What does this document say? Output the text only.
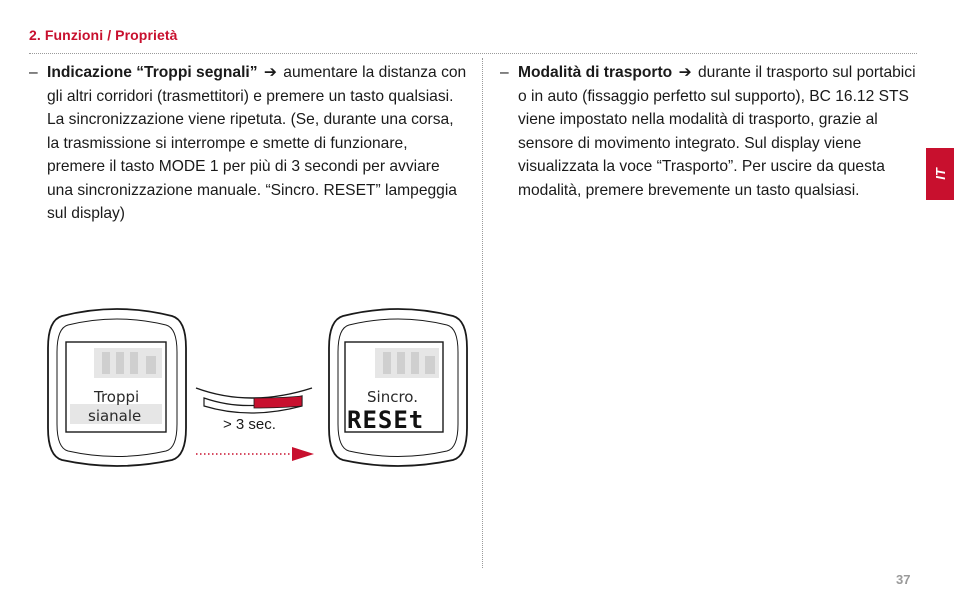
2. Funzioni / Proprietà
– Indicazione “Troppi segnali” ➔ aumentare la distanza con gli altri corridori (trasmettitori) e premere un tasto qualsiasi. La sincronizzazione viene ripetuta. (Se, durante una corsa, la trasmissione si interrompe e smette di funzionare, premere il tasto MODE 1 per più di 3 secondi per avviare una sincronizzazione manuale. “Sincro. RESET” lampeggia sul display)
– Modalità di trasporto ➔ durante il trasporto sul portabici o in auto (fissaggio perfetto sul supporto), BC 16.12 STS viene impostato nella modalità di trasporto, grazie al sensore di movimento integrato. Sul display viene visualizzata la voce “Trasporto”. Per uscire da questa modalità, premere brevemente un tasto qualsiasi.
Troppi
sianale
Sincro.
RESEt
> 3 sec.
IT
37
